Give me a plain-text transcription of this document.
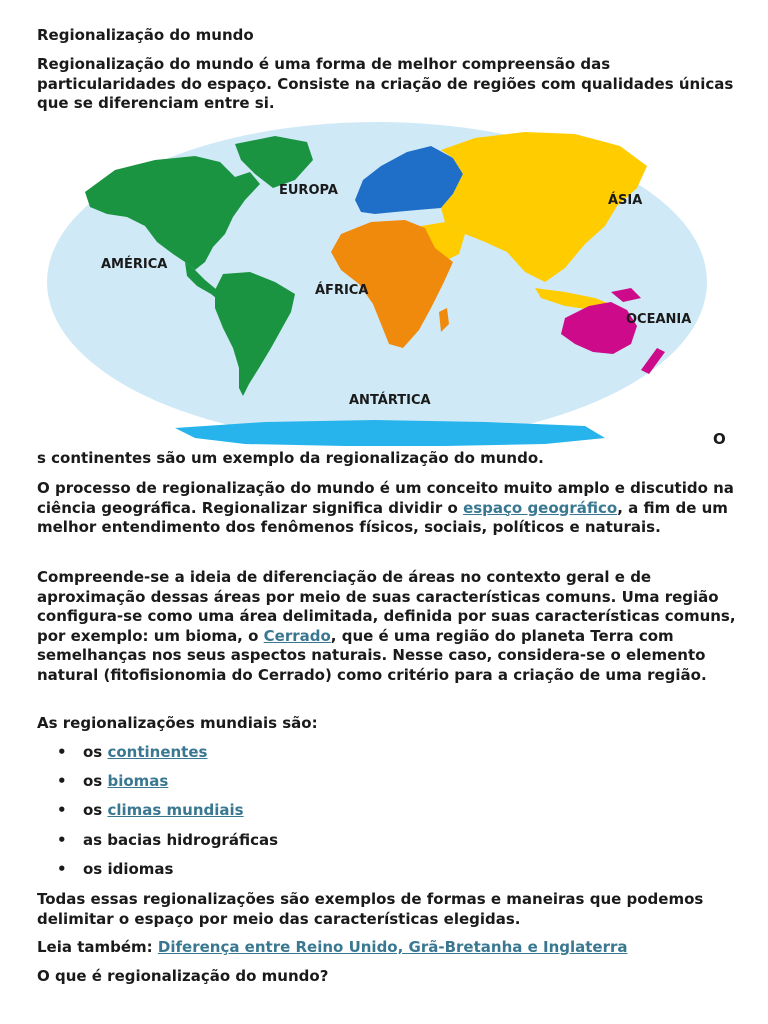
Regionalização do mundo
Regionalização do mundo é uma forma de melhor compreensão das particularidades do espaço. Consiste na criação de regiões com qualidades únicas que se diferenciam entre si.
AMÉRICA
EUROPA
ÁSIA
ÁFRICA
OCEANIA
ANTÁRTICA
O
s continentes são um exemplo da regionalização do mundo.
O processo de regionalização do mundo é um conceito muito amplo e discutido na ciência geográfica. Regionalizar significa dividir o espaço geográfico, a fim de um melhor entendimento dos fenômenos físicos, sociais, políticos e naturais.
Compreende-se a ideia de diferenciação de áreas no contexto geral e de aproximação dessas áreas por meio de suas características comuns. Uma região configura-se como uma área delimitada, definida por suas características comuns, por exemplo: um bioma, o Cerrado, que é uma região do planeta Terra com semelhanças nos seus aspectos naturais. Nesse caso, considera-se o elemento natural (fitofisionomia do Cerrado) como critério para a criação de uma região.
As regionalizações mundiais são:
• os continentes
• os biomas
• os climas mundiais
• as bacias hidrográficas
• os idiomas
Todas essas regionalizações são exemplos de formas e maneiras que podemos delimitar o espaço por meio das características elegidas.
Leia também: Diferença entre Reino Unido, Grã-Bretanha e Inglaterra
O que é regionalização do mundo?
